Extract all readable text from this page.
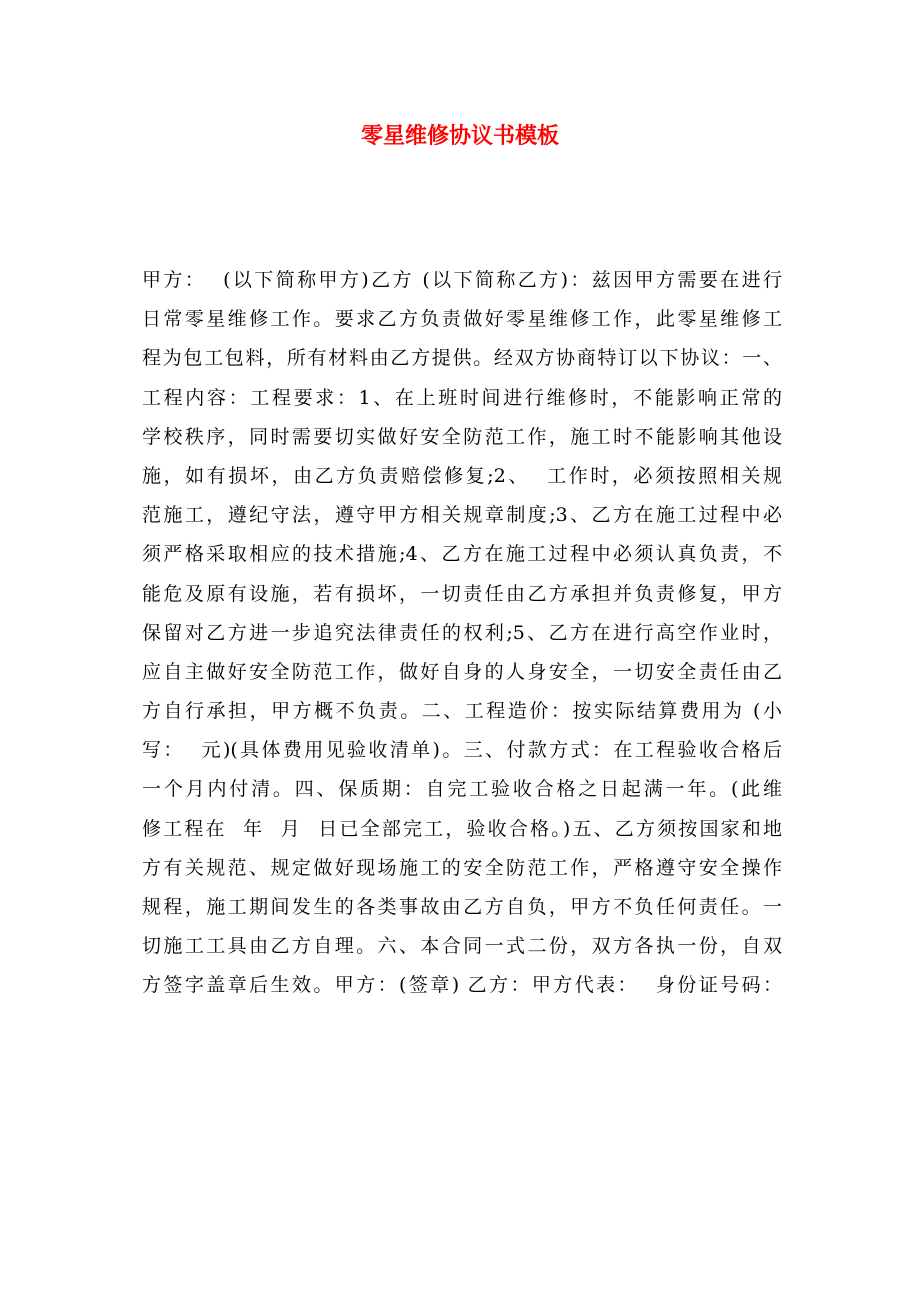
零星维修协议书模板
甲方：  (以下简称甲方)乙方 (以下简称乙方)：兹因甲方需要在进行
日常零星维修工作。要求乙方负责做好零星维修工作，此零星维修工
程为包工包料，所有材料由乙方提供。经双方协商特订以下协议：一、
工程内容：工程要求：1、在上班时间进行维修时，不能影响正常的
学校秩序，同时需要切实做好安全防范工作，施工时不能影响其他设
施，如有损坏，由乙方负责赔偿修复;2、  工作时，必须按照相关规
范施工，遵纪守法，遵守甲方相关规章制度;3、乙方在施工过程中必
须严格采取相应的技术措施;4、乙方在施工过程中必须认真负责，不
能危及原有设施，若有损坏，一切责任由乙方承担并负责修复，甲方
保留对乙方进一步追究法律责任的权利;5、乙方在进行高空作业时，
应自主做好安全防范工作，做好自身的人身安全，一切安全责任由乙
方自行承担，甲方概不负责。二、工程造价：按实际结算费用为 (小
写：  元)(具体费用见验收清单)。三、付款方式：在工程验收合格后
一个月内付清。四、保质期：自完工验收合格之日起满一年。(此维
修工程在  年  月  日已全部完工，验收合格。)五、乙方须按国家和地
方有关规范、规定做好现场施工的安全防范工作，严格遵守安全操作
规程，施工期间发生的各类事故由乙方自负，甲方不负任何责任。一
切施工工具由乙方自理。六、本合同一式二份，双方各执一份，自双
方签字盖章后生效。甲方：(签章) 乙方：甲方代表：  身份证号码：
